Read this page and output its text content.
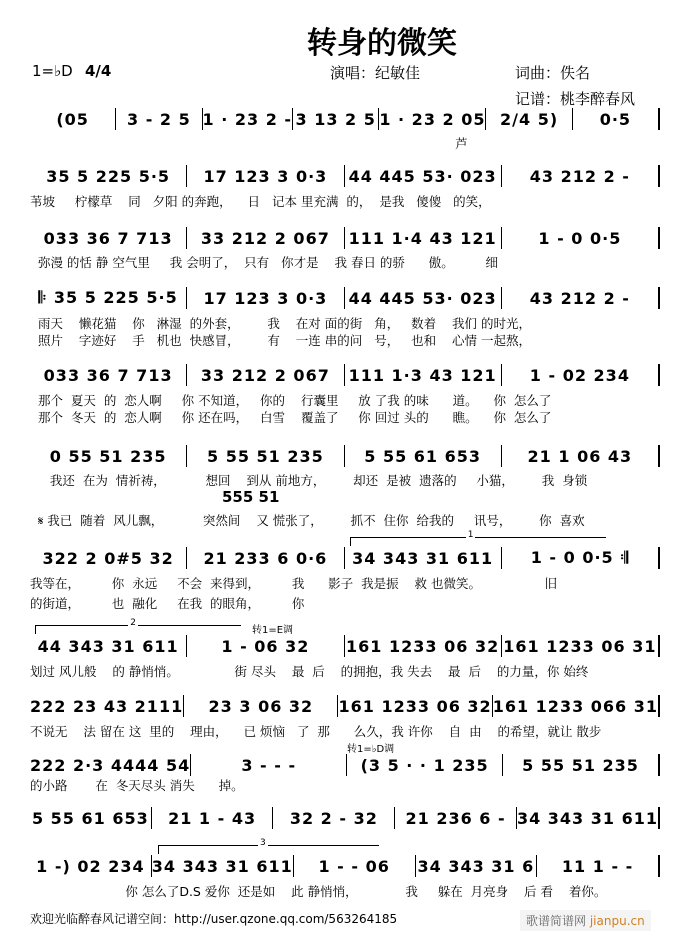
转身的微笑
1=♭D 4/4	演唱：纪敏佳	词曲：佚名
记谱：桃李醉春风
(05	3 - 2 5 1 · 23 2 - 3 13 2 5 1 · 23 2 05 2/4 5)	0·5
芦
35 5 225 5·5	17 123 3 0·3	44 445 53· 023	43 212 2 -
苇坡     柠檬草    同   夕阳 的奔跑，    日   记本 里充满  的，  是我   傻傻   的笑，
033 36 7 713	33 212 2 067	111 1·4 43 121	1 - 0 0·5
弥漫 的恬 静 空气里     我 会明了，  只有   你才是    我 春日 的骄      傲。        细
𝄆 35 5 225 5·5	17 123 3 0·3	44 445 53· 023	43 212 2 -
雨天    懒花猫    你   淋湿  的外套，       我    在对 面的街   角，   数着    我们 的时光，
照片    字迹好    手   机也  快感冒，       有    一连 串的问   号，   也和    心情 一起熬，
033 36 7 713	33 212 2 067	111 1·3 43 121	1 - 02 234
那个  夏天  的  恋人啊     你 不知道，   你的    行囊里     放 了我 的味      道。    你  怎么了
那个  冬天  的  恋人啊     你 还在吗，   白雪    覆盖了     你 回过 头的      瞧。    你  怎么了
0 55 51 235	5 55 51 235	5 55 61 653	21 1 06 43
我还  在为  情祈祷，          想回    到从 前地方，       却还  是被  遗落的     小猫，       我  身锁
555 51
𝄋 我已  随着  风儿飘，          突然间    又 慌张了，       抓不  住你  给我的     讯号，       你  喜欢
322 2 0#5 32	21 233 6 0·6	34 343 31 611	1 - 0 0·5 𝄇
我等在，        你  永远     不会  来得到，        我      影子  我是振    救 也微笑。                旧
的街道，        也  融化     在我  的眼角，        你
1
44 343 31 611	1 - 06 32	161 1233 06 32 161 1233 06 31
划过 风儿般    的 静悄悄。              街 尽头    最  后    的拥抱，我 失去    最  后    的力量，你 始终
2
转1=E调
222 23 43 2111	23 3 06 32	161 1233 06 32 161 1233 066 31
不说无    法 留在 这  里的    理由，    已 烦恼   了  那      么久，我 许你    自  由    的希望，就让 散步
222 2·3 4444 54	3 - - -	(3 5 · · 1 235	5 55 51 235
的小路       在  冬天尽头 消失      掉。
转1=♭D调
5 55 61 653	21 1 - 43	32 2 - 32	21 236 6 - 34 343 31 611
1 -) 02 234 34 343 31 611	1 - - 06	34 343 31 6	11 1 - -
你 怎么了D.S 爱你  还是如    此 静悄悄，            我     躲在  月亮身    后 看    着你。
3
欢迎光临醉春风记谱空间：http://user.qzone.qq.com/563264185	歌谱简谱网 jianpu.cn
